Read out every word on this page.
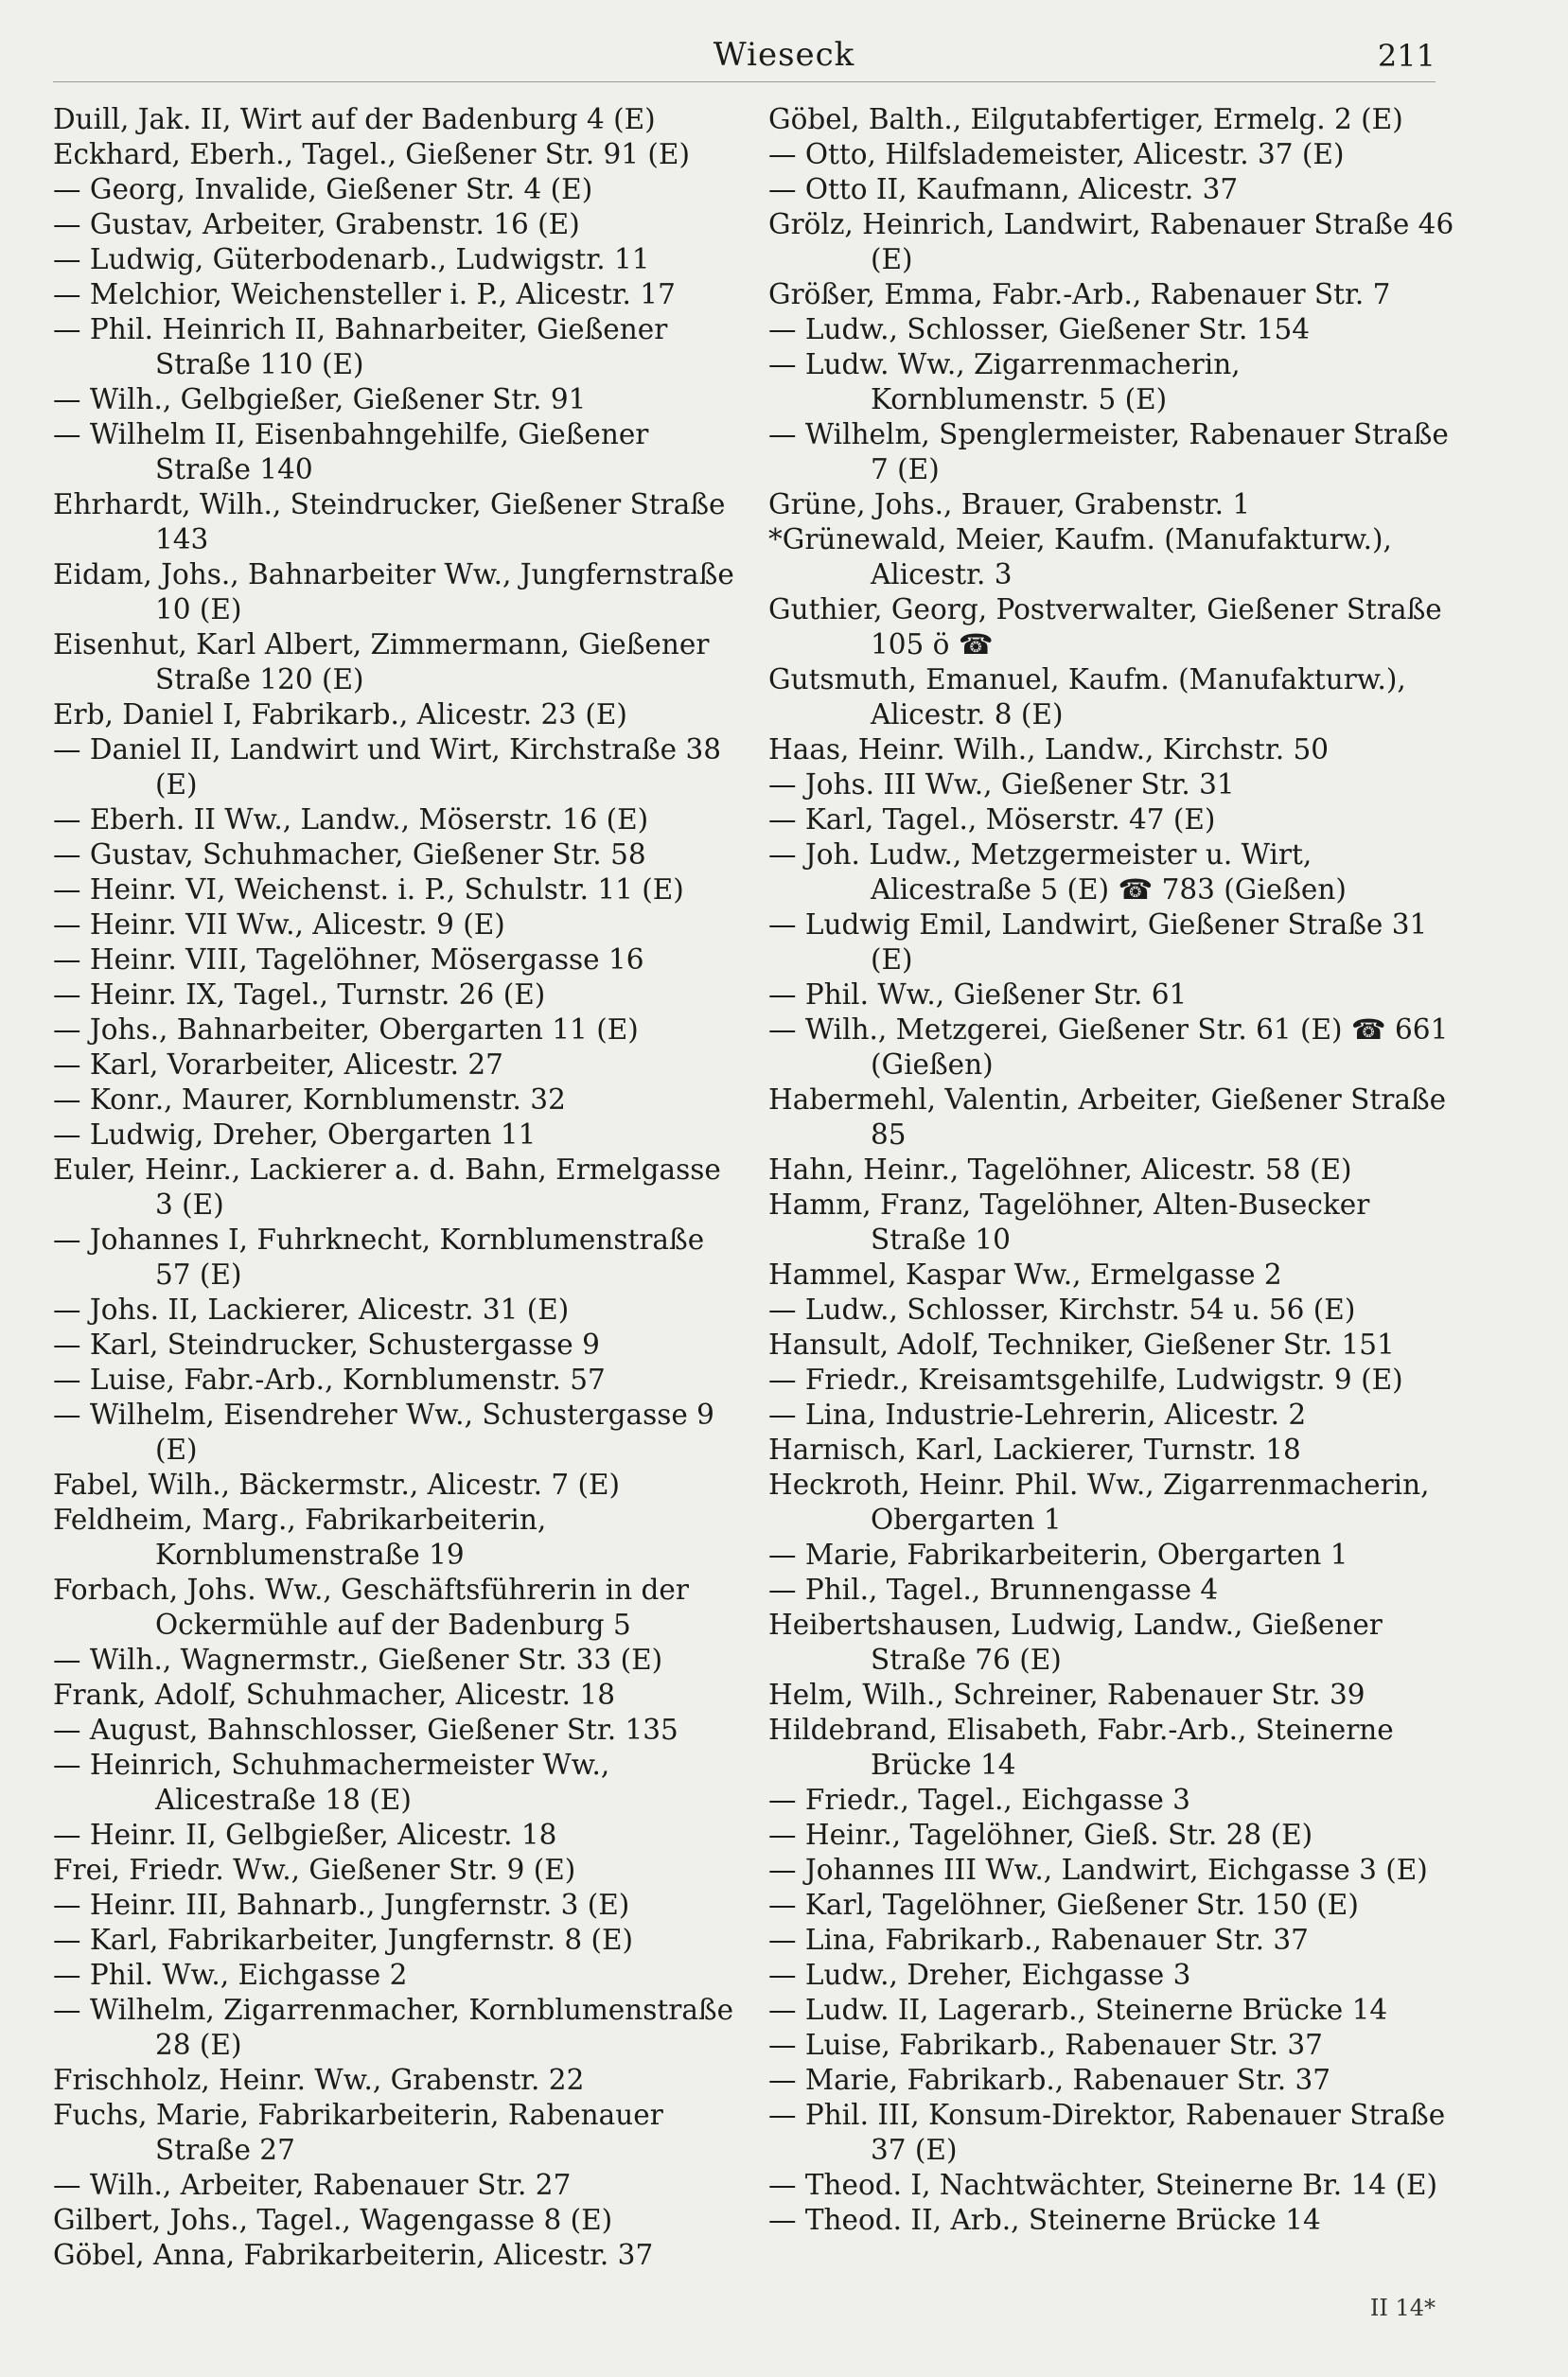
Wieseck	211
Duill, Jak. II, Wirt auf der Badenburg 4 (E)
Eckhard, Eberh., Tagel., Gießener Str. 91 (E)
— Georg, Invalide, Gießener Str. 4 (E)
— Gustav, Arbeiter, Grabenstr. 16 (E)
— Ludwig, Güterbodenarb., Ludwigstr. 11
— Melchior, Weichensteller i. P., Alicestr. 17
— Phil. Heinrich II, Bahnarbeiter, Gießener Straße 110 (E)
— Wilh., Gelbgießer, Gießener Str. 91
— Wilhelm II, Eisenbahngehilfe, Gießener Straße 140
Ehrhardt, Wilh., Steindrucker, Gießener Straße 143
Eidam, Johs., Bahnarbeiter Ww., Jungfernstraße 10 (E)
Eisenhut, Karl Albert, Zimmermann, Gießener Straße 120 (E)
Erb, Daniel I, Fabrikarb., Alicestr. 23 (E)
— Daniel II, Landwirt und Wirt, Kirchstraße 38 (E)
— Eberh. II Ww., Landw., Möserstr. 16 (E)
— Gustav, Schuhmacher, Gießener Str. 58
— Heinr. VI, Weichenst. i. P., Schulstr. 11 (E)
— Heinr. VII Ww., Alicestr. 9 (E)
— Heinr. VIII, Tagelöhner, Mösergasse 16
— Heinr. IX, Tagel., Turnstr. 26 (E)
— Johs., Bahnarbeiter, Obergarten 11 (E)
— Karl, Vorarbeiter, Alicestr. 27
— Konr., Maurer, Kornblumenstr. 32
— Ludwig, Dreher, Obergarten 11
Euler, Heinr., Lackierer a. d. Bahn, Ermelgasse 3 (E)
— Johannes I, Fuhrknecht, Kornblumenstraße 57 (E)
— Johs. II, Lackierer, Alicestr. 31 (E)
— Karl, Steindrucker, Schustergasse 9
— Luise, Fabr.-Arb., Kornblumenstr. 57
— Wilhelm, Eisendreher Ww., Schustergasse 9 (E)
Fabel, Wilh., Bäckermstr., Alicestr. 7 (E)
Feldheim, Marg., Fabrikarbeiterin, Kornblumenstraße 19
Forbach, Johs. Ww., Geschäftsführerin in der Ockermühle auf der Badenburg 5
— Wilh., Wagnermstr., Gießener Str. 33 (E)
Frank, Adolf, Schuhmacher, Alicestr. 18
— August, Bahnschlosser, Gießener Str. 135
— Heinrich, Schuhmachermeister Ww., Alicestraße 18 (E)
— Heinr. II, Gelbgießer, Alicestr. 18
Frei, Friedr. Ww., Gießener Str. 9 (E)
— Heinr. III, Bahnarb., Jungfernstr. 3 (E)
— Karl, Fabrikarbeiter, Jungfernstr. 8 (E)
— Phil. Ww., Eichgasse 2
— Wilhelm, Zigarrenmacher, Kornblumenstraße 28 (E)
Frischholz, Heinr. Ww., Grabenstr. 22
Fuchs, Marie, Fabrikarbeiterin, Rabenauer Straße 27
— Wilh., Arbeiter, Rabenauer Str. 27
Gilbert, Johs., Tagel., Wagengasse 8 (E)
Göbel, Anna, Fabrikarbeiterin, Alicestr. 37
Göbel, Balth., Eilgutabfertiger, Ermelg. 2 (E)
— Otto, Hilfslademeister, Alicestr. 37 (E)
— Otto II, Kaufmann, Alicestr. 37
Grölz, Heinrich, Landwirt, Rabenauer Straße 46 (E)
Größer, Emma, Fabr.-Arb., Rabenauer Str. 7
— Ludw., Schlosser, Gießener Str. 154
— Ludw. Ww., Zigarrenmacherin, Kornblumenstr. 5 (E)
— Wilhelm, Spenglermeister, Rabenauer Straße 7 (E)
Grüne, Johs., Brauer, Grabenstr. 1
*Grünewald, Meier, Kaufm. (Manufakturw.), Alicestr. 3
Guthier, Georg, Postverwalter, Gießener Straße 105 ö ☎
Gutsmuth, Emanuel, Kaufm. (Manufakturw.), Alicestr. 8 (E)
Haas, Heinr. Wilh., Landw., Kirchstr. 50
— Johs. III Ww., Gießener Str. 31
— Karl, Tagel., Möserstr. 47 (E)
— Joh. Ludw., Metzgermeister u. Wirt, Alicestraße 5 (E) ☎ 783 (Gießen)
— Ludwig Emil, Landwirt, Gießener Straße 31 (E)
— Phil. Ww., Gießener Str. 61
— Wilh., Metzgerei, Gießener Str. 61 (E) ☎ 661 (Gießen)
Habermehl, Valentin, Arbeiter, Gießener Straße 85
Hahn, Heinr., Tagelöhner, Alicestr. 58 (E)
Hamm, Franz, Tagelöhner, Alten-Busecker Straße 10
Hammel, Kaspar Ww., Ermelgasse 2
— Ludw., Schlosser, Kirchstr. 54 u. 56 (E)
Hansult, Adolf, Techniker, Gießener Str. 151
— Friedr., Kreisamtsgehilfe, Ludwigstr. 9 (E)
— Lina, Industrie-Lehrerin, Alicestr. 2
Harnisch, Karl, Lackierer, Turnstr. 18
Heckroth, Heinr. Phil. Ww., Zigarrenmacherin, Obergarten 1
— Marie, Fabrikarbeiterin, Obergarten 1
— Phil., Tagel., Brunnengasse 4
Heibertshausen, Ludwig, Landw., Gießener Straße 76 (E)
Helm, Wilh., Schreiner, Rabenauer Str. 39
Hildebrand, Elisabeth, Fabr.-Arb., Steinerne Brücke 14
— Friedr., Tagel., Eichgasse 3
— Heinr., Tagelöhner, Gieß. Str. 28 (E)
— Johannes III Ww., Landwirt, Eichgasse 3 (E)
— Karl, Tagelöhner, Gießener Str. 150 (E)
— Lina, Fabrikarb., Rabenauer Str. 37
— Ludw., Dreher, Eichgasse 3
— Ludw. II, Lagerarb., Steinerne Brücke 14
— Luise, Fabrikarb., Rabenauer Str. 37
— Marie, Fabrikarb., Rabenauer Str. 37
— Phil. III, Konsum-Direktor, Rabenauer Straße 37 (E)
— Theod. I, Nachtwächter, Steinerne Br. 14 (E)
— Theod. II, Arb., Steinerne Brücke 14
II 14*
